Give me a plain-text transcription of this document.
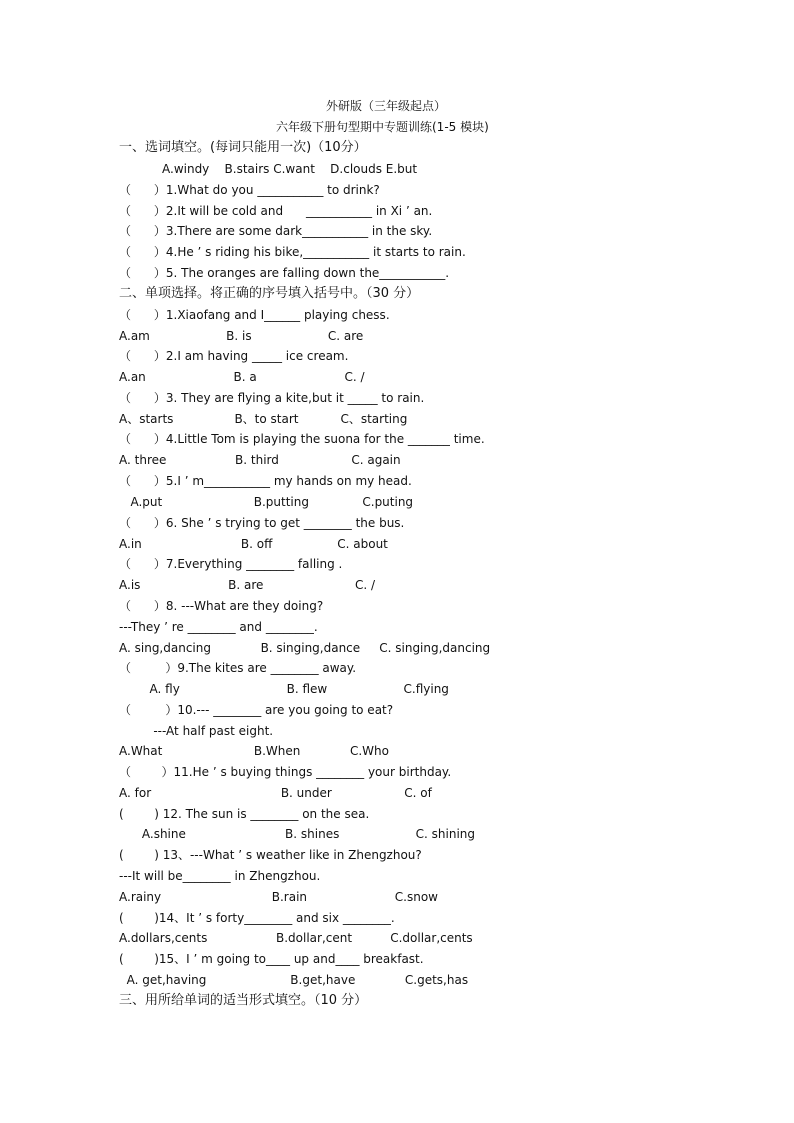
外研版（三年级起点）
六年级下册句型期中专题训练(1-5 模块)
一、选词填空。(每词只能用一次)（10分）
A.windy    B.stairs C.want    D.clouds E.but
（      ）1.What do you ___________ to drink?
（      ）2.It will be cold and      ___________ in Xi ’ an.
（      ）3.There are some dark___________ in the sky.
（      ）4.He ’ s riding his bike,___________ it starts to rain.
（      ）5. The oranges are falling down the___________.
二、单项选择。将正确的序号填入括号中。（30 分）
（      ）1.Xiaofang and I______ playing chess.
A.am                    B. is                    C. are
（      ）2.I am having _____ ice cream.
A.an                       B. a                       C. /
（      ）3. They are flying a kite,but it _____ to rain.
A、starts                B、to start           C、starting
（      ）4.Little Tom is playing the suona for the _______ time.
A. three                  B. third                   C. again
（      ）5.I ’ m___________ my hands on my head.
A.put                        B.putting              C.puting
（      ）6. She ’ s trying to get ________ the bus.
A.in                          B. off                 C. about
（      ）7.Everything ________ falling .
A.is                       B. are                        C. /
（      ）8. ---What are they doing?
---They ’ re ________ and ________.
A. sing,dancing             B. singing,dance     C. singing,dancing
（         ）9.The kites are ________ away.
A. fly                            B. flew                    C.flying
（         ）10.--- ________ are you going to eat?
---At half past eight.
A.What                        B.When             C.Who
（        ）11.He ’ s buying things ________ your birthday.
A. for                                  B. under                   C. of
(        ) 12. The sun is ________ on the sea.
A.shine                          B. shines                    C. shining
(        ) 13、---What ’ s weather like in Zhengzhou?
---It will be________ in Zhengzhou.
A.rainy                             B.rain                       C.snow
(        )14、It ’ s forty________ and six ________.
A.dollars,cents                  B.dollar,cent          C.dollar,cents
(        )15、I ’ m going to____ up and____ breakfast.
A. get,having                      B.get,have             C.gets,has
三、用所给单词的适当形式填空。（10 分）
